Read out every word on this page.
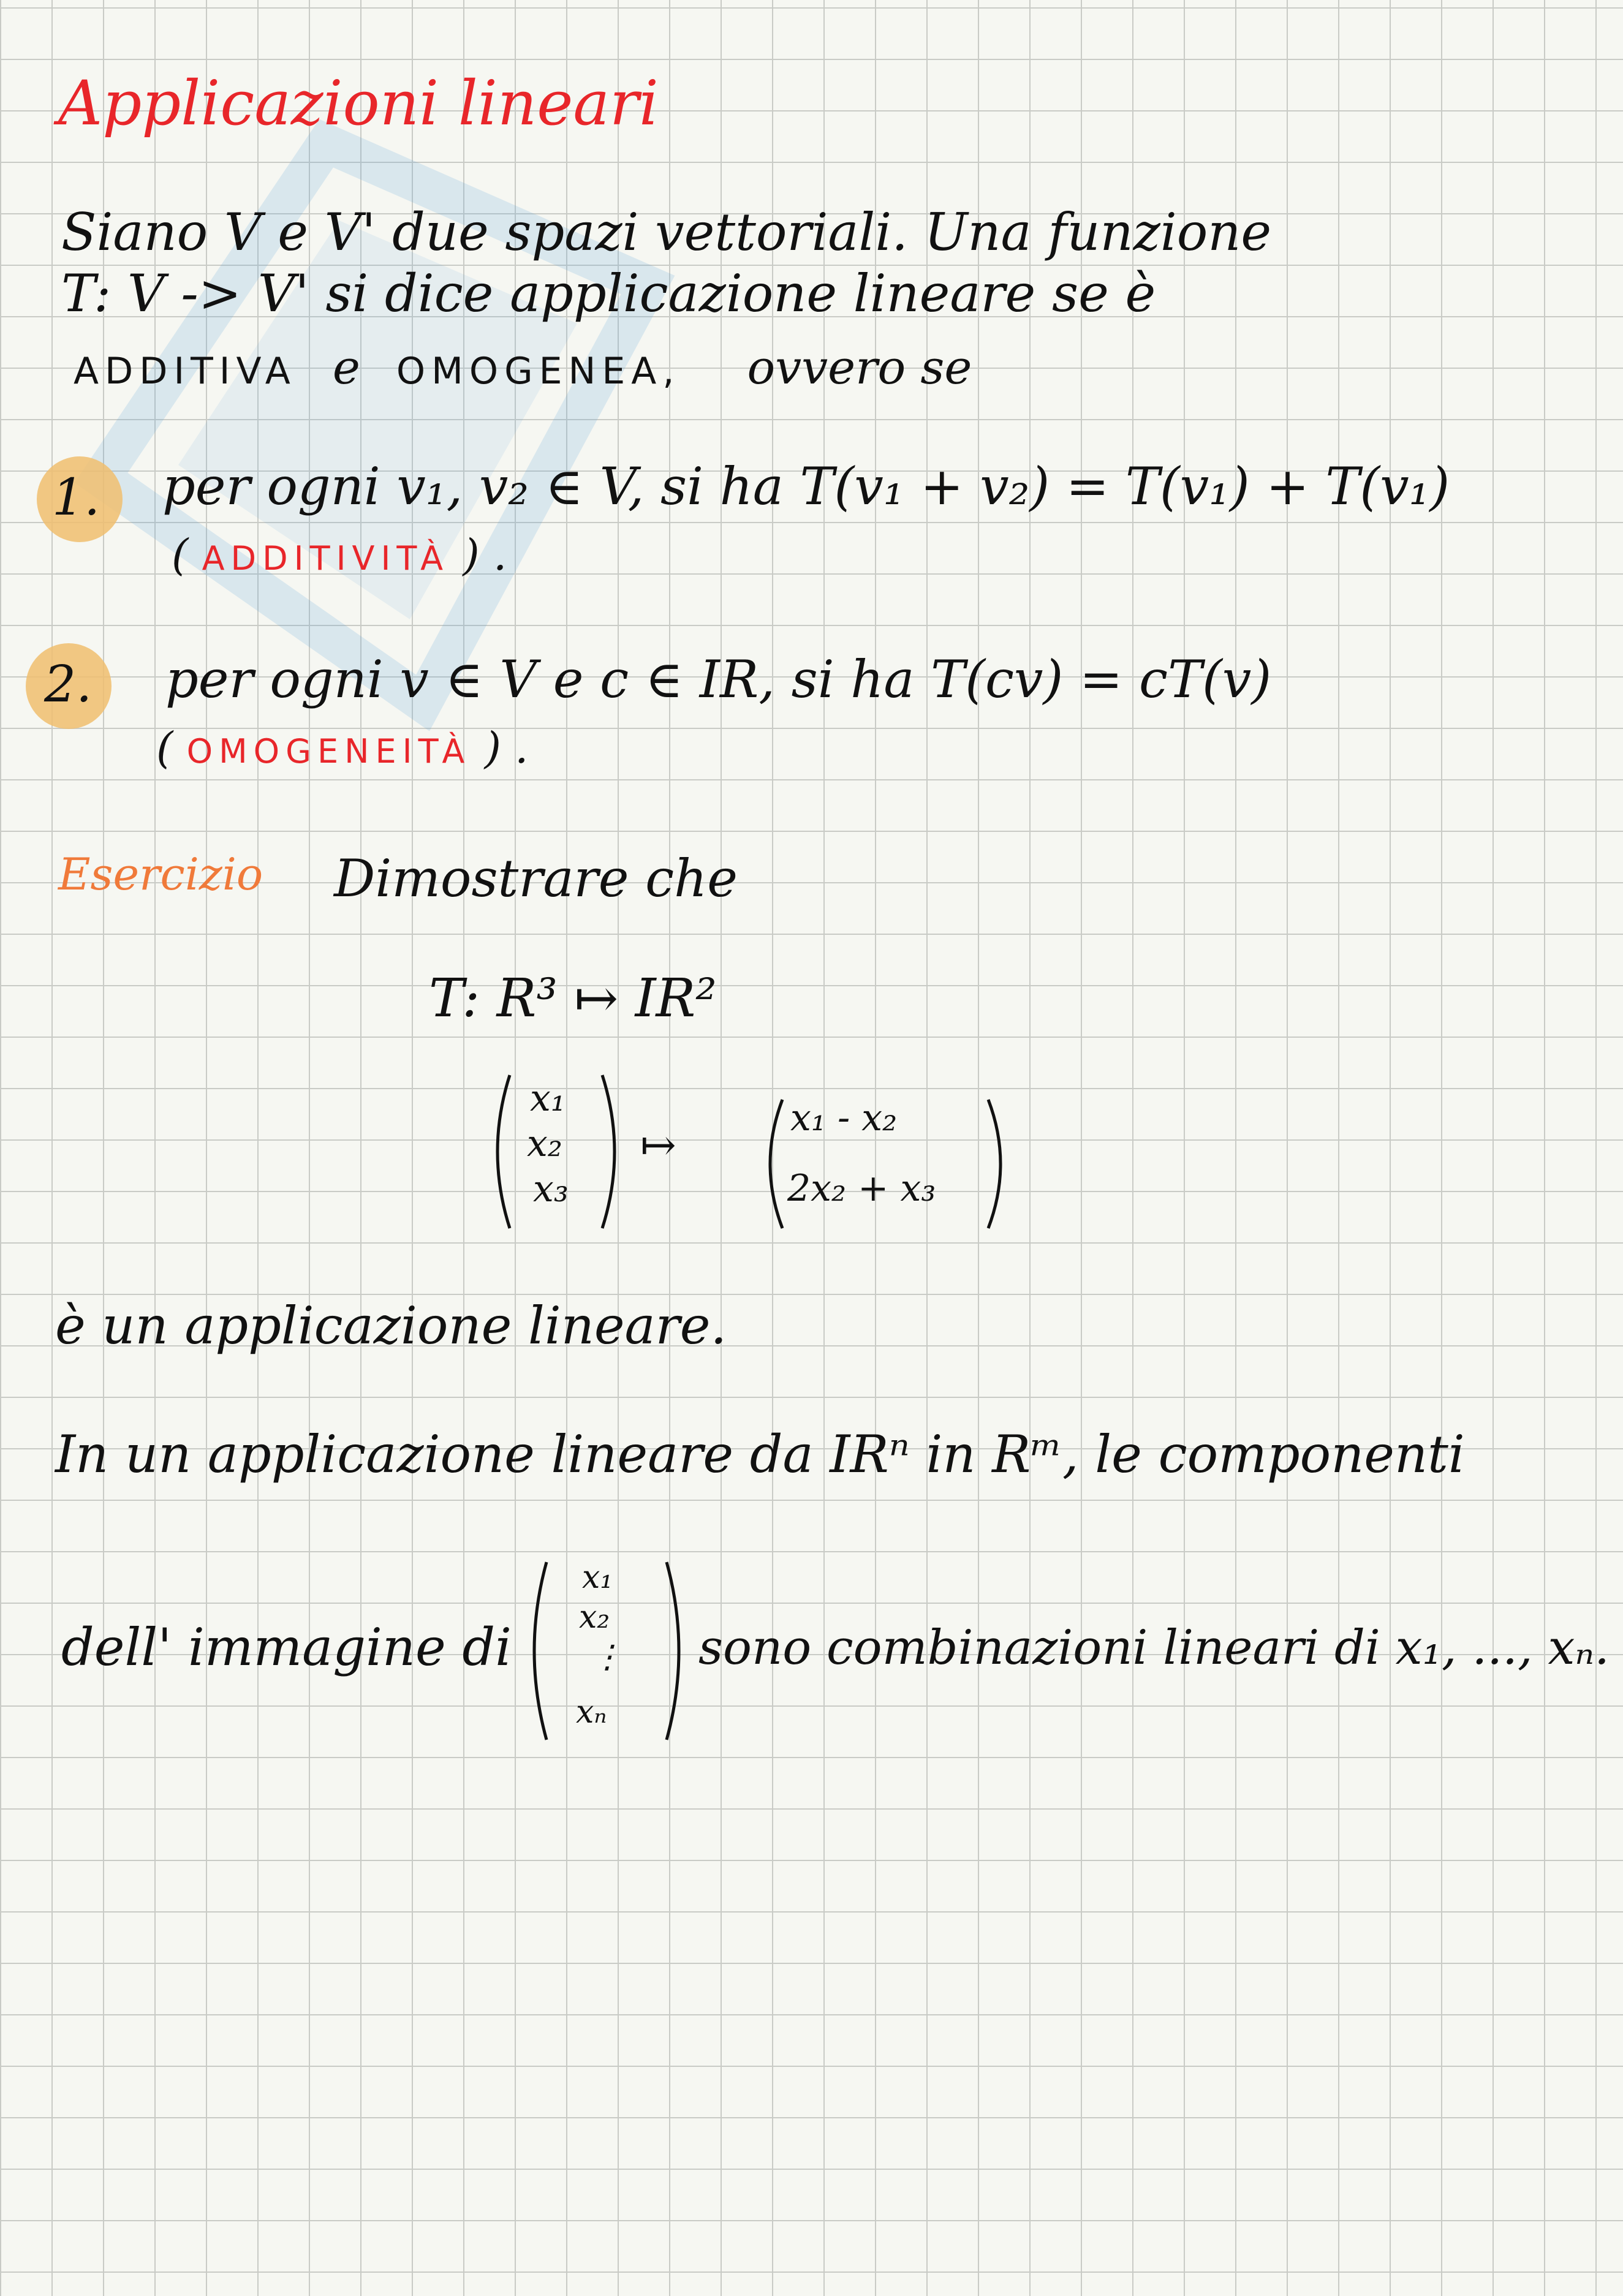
Applicazioni lineari
Siano V e V' due spazi vettoriali. Una funzione
T: V -> V' si dice applicazione lineare se è
ADDITIVA e OMOGENEA, ovvero se
1. per ogni v₁, v₂ ∈ V, si ha T(v₁ + v₂) = T(v₁) + T(v₁)
( ADDITIVITÀ ) .
2. per ogni v ∈ V e c ∈ IR, si ha T(cv) = cT(v)
( OMOGENEITÀ ) .
Esercizio Dimostrare che
T: R³ ↦ IR²
x₁
x₂
x₃
↦
x₁ - x₂
2x₂ + x₃
è un applicazione lineare.
In un applicazione lineare da IRⁿ in Rᵐ, le componenti
dell' immagine di
x₁
x₂
⋮
xₙ
sono combinazioni lineari di x₁, ..., xₙ.
